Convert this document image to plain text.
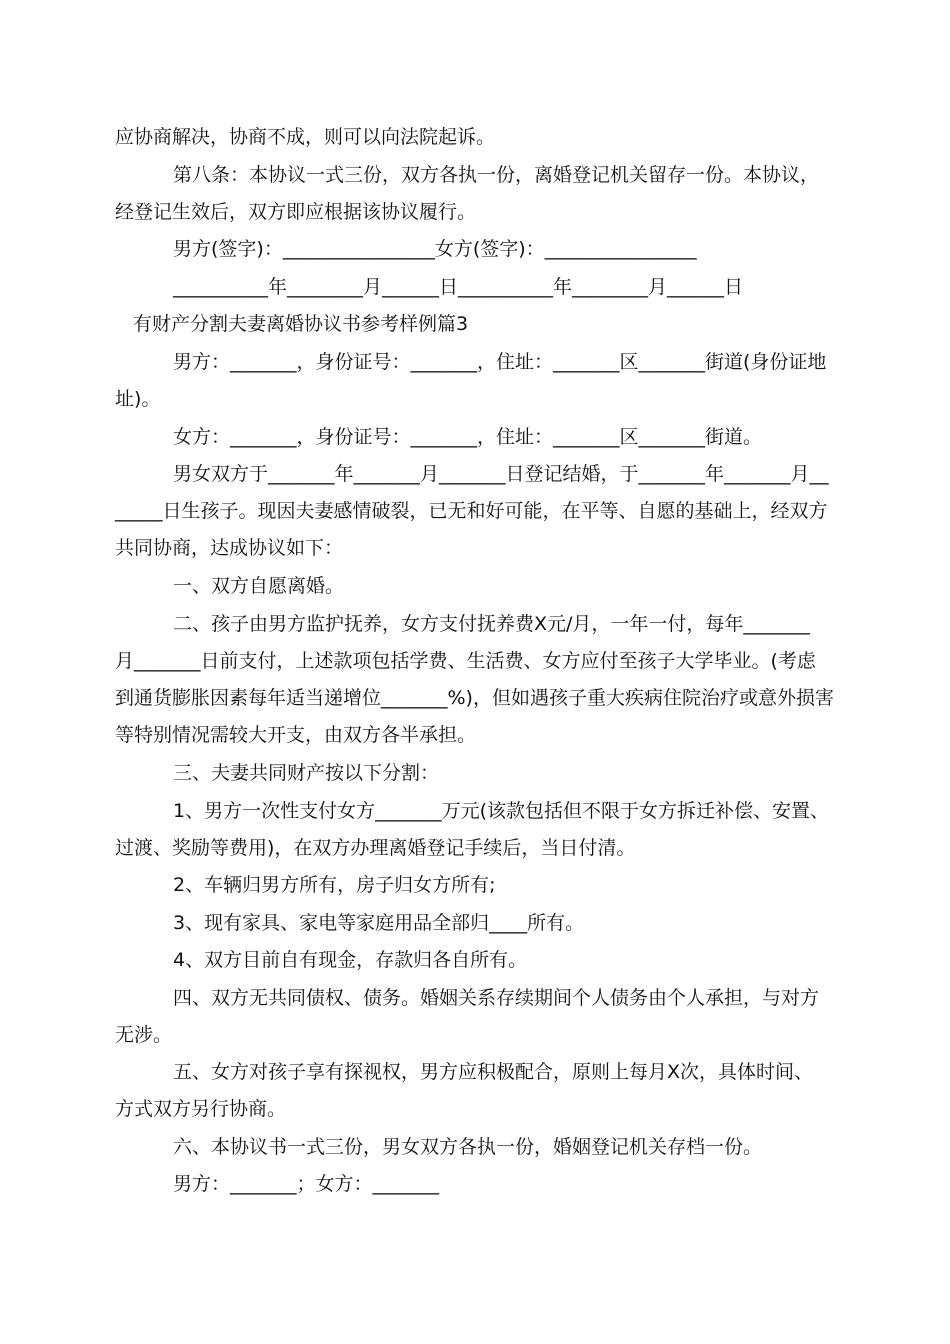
应协商解决，协商不成，则可以向法院起诉。
第八条：本协议一式三份，双方各执一份，离婚登记机关留存一份。本协议，
经登记生效后，双方即应根据该协议履行。
男方(签字)：________________女方(签字)：________________
__________年________月______日__________年________月______日
有财产分割夫妻离婚协议书参考样例篇3
男方：_______，身份证号：_______，住址：_______区_______街道(身份证地
址)。
女方：_______，身份证号：_______，住址：_______区_______街道。
男女双方于_______年_______月_______日登记结婚，于_______年_______月__
_____日生孩子。现因夫妻感情破裂，已无和好可能，在平等、自愿的基础上，经双方
共同协商，达成协议如下：
一、双方自愿离婚。
二、孩子由男方监护抚养，女方支付抚养费X元/月，一年一付，每年_______
月_______日前支付，上述款项包括学费、生活费、女方应付至孩子大学毕业。(考虑
到通货膨胀因素每年适当递增位_______%)，但如遇孩子重大疾病住院治疗或意外损害
等特别情况需较大开支，由双方各半承担。
三、夫妻共同财产按以下分割：
1、男方一次性支付女方_______万元(该款包括但不限于女方拆迁补偿、安置、
过渡、奖励等费用)，在双方办理离婚登记手续后，当日付清。
2、车辆归男方所有，房子归女方所有;
3、现有家具、家电等家庭用品全部归____所有。
4、双方目前自有现金，存款归各自所有。
四、双方无共同债权、债务。婚姻关系存续期间个人债务由个人承担，与对方
无涉。
五、女方对孩子享有探视权，男方应积极配合，原则上每月X次，具体时间、
方式双方另行协商。
六、本协议书一式三份，男女双方各执一份，婚姻登记机关存档一份。
男方：_______；女方：_______
